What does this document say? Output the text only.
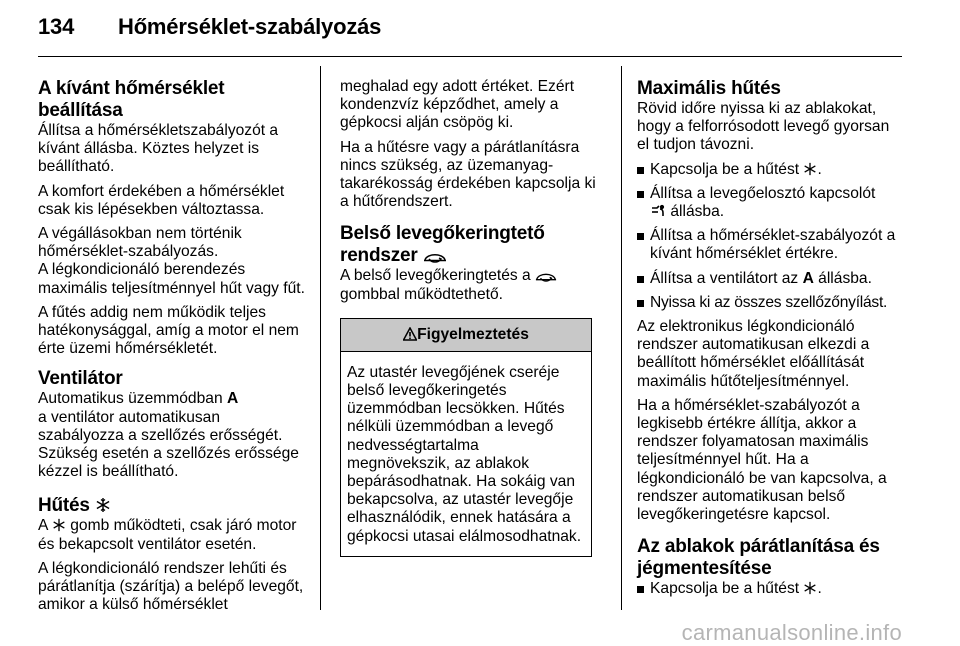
134 Hőmérséklet-szabályozás
A kívánt hőmérséklet beállítása

Állítsa a hőmérsékletszabályozót a kívánt állásba. Köztes helyzet is beállítható.

A komfort érdekében a hőmérséklet csak kis lépésekben változtassa.

A végállásokban nem történik hőmérséklet-szabályozás.

A légkondicionáló berendezés maximális teljesítménnyel hűt vagy fűt.

A fűtés addig nem működik teljes hatékonysággal, amíg a motor el nem érte üzemi hőmérsékletét.

Ventilátor

Automatikus üzemmódban A
a ventilátor automatikusan szabályozza a szellőzés erősségét. Szükség esetén a szellőzés erőssége kézzel is beállítható.

Hűtés

A gomb működteti, csak járó motor és bekapcsolt ventilátor esetén.

A légkondicionáló rendszer lehűti és párátlanítja (szárítja) a belépő levegőt, amikor a külső hőmérséklet

meghalad egy adott értéket. Ezért kondenzvíz képződhet, amely a gépkocsi alján csöpög ki.

Ha a hűtésre vagy a párátlanításra nincs szükség, az üzemanyag-takarékosság érdekében kapcsolja ki a hűtőrendszert.

Belső levegőkeringtető
rendszer

A belső levegőkeringtetés a
gombbal működtethető.

Figyelmeztetés
Az utastér levegőjének cseréje belső levegőkeringetés üzemmódban lecsökken. Hűtés nélküli üzemmódban a levegő nedvességtartalma megnövekszik, az ablakok bepárásodhatnak. Ha sokáig van bekapcsolva, az utastér levegője elhasználódik, ennek hatására a gépkocsi utasai elálmosodhatnak.
Maximális hűtés

Rövid időre nyissa ki az ablakokat, hogy a felforrósodott levegő gyorsan el tudjon távozni.

Kapcsolja be a hűtést .
Állítsa a levegőelosztó kapcsolót
állásba.
Állítsa a hőmérséklet-szabályozót a kívánt hőmérséklet értékre.
Állítsa a ventilátort az A állásba.
Nyissa ki az összes szellőzőnyílást.

Az elektronikus légkondicionáló rendszer automatikusan elkezdi a beállított hőmérséklet előállítását maximális hűtőteljesítménnyel.

Ha a hőmérséklet-szabályozót a legkisebb értékre állítja, akkor a rendszer folyamatosan maximális teljesítménnyel hűt. Ha a légkondicionáló be van kapcsolva, a rendszer automatikusan belső levegőkeringetésre kapcsol.

Az ablakok párátlanítása és
jégmentesítése
Kapcsolja be a hűtést .
carmanualsonline.info
